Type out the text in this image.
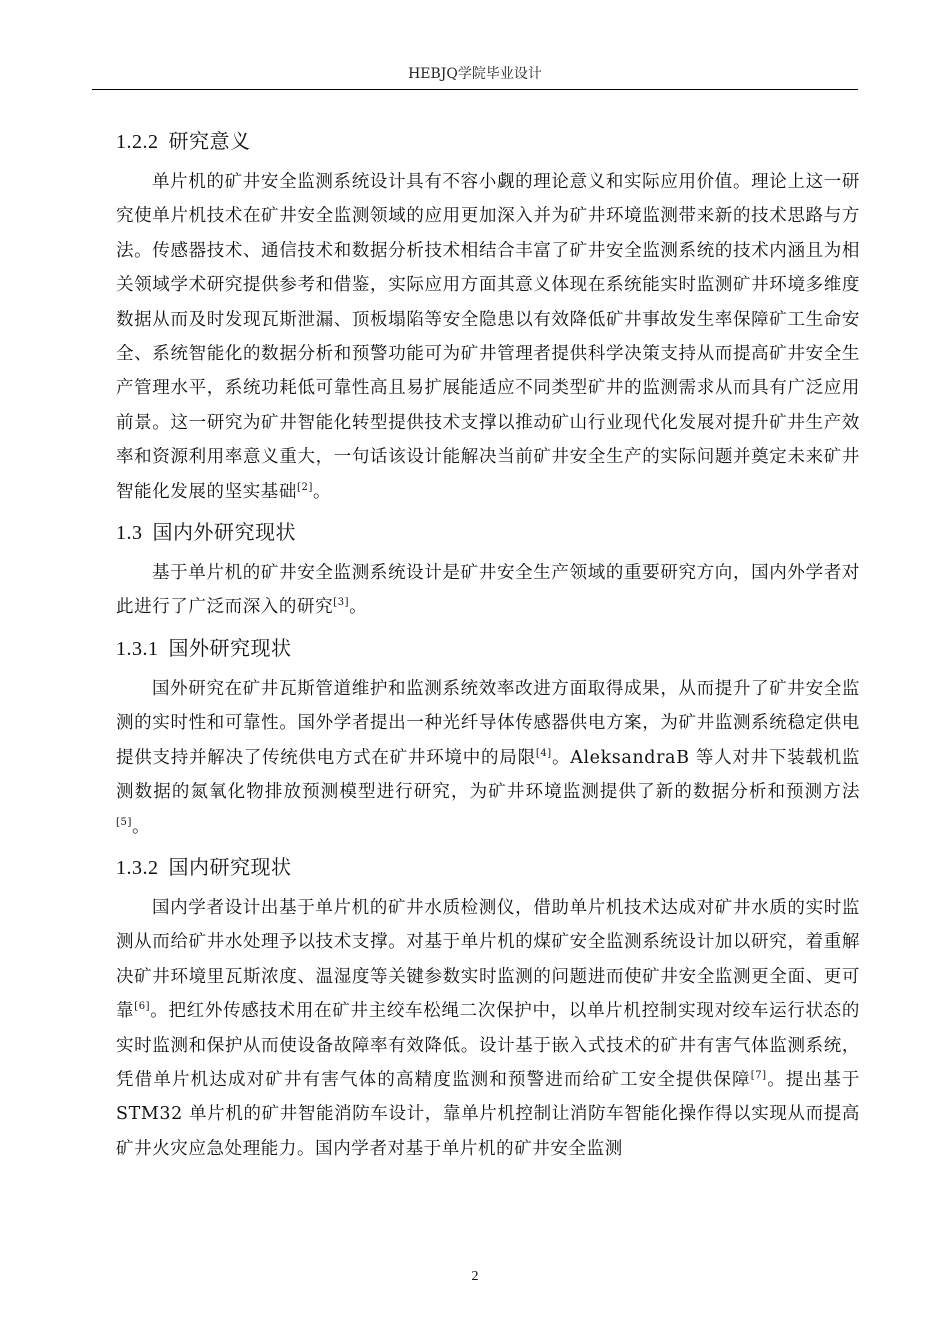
HEBJQ学院毕业设计
1.2.2 研究意义

单片机的矿井安全监测系统设计具有不容小觑的理论意义和实际应用价值。理论上这一研究使单片机技术在矿井安全监测领域的应用更加深入并为矿井环境监测带来新的技术思路与方法。传感器技术、通信技术和数据分析技术相结合丰富了矿井安全监测系统的技术内涵且为相关领域学术研究提供参考和借鉴，实际应用方面其意义体现在系统能实时监测矿井环境多维度数据从而及时发现瓦斯泄漏、顶板塌陷等安全隐患以有效降低矿井事故发生率保障矿工生命安全、系统智能化的数据分析和预警功能可为矿井管理者提供科学决策支持从而提高矿井安全生产管理水平，系统功耗低可靠性高且易扩展能适应不同类型矿井的监测需求从而具有广泛应用前景。这一研究为矿井智能化转型提供技术支撑以推动矿山行业现代化发展对提升矿井生产效率和资源利用率意义重大，一句话该设计能解决当前矿井安全生产的实际问题并奠定未来矿井智能化发展的坚实基础[2]。

1.3 国内外研究现状

基于单片机的矿井安全监测系统设计是矿井安全生产领域的重要研究方向，国内外学者对此进行了广泛而深入的研究[3]。

1.3.1 国外研究现状

国外研究在矿井瓦斯管道维护和监测系统效率改进方面取得成果，从而提升了矿井安全监测的实时性和可靠性。国外学者提出一种光纤导体传感器供电方案，为矿井监测系统稳定供电提供支持并解决了传统供电方式在矿井环境中的局限[4]。AleksandraB 等人对井下装载机监测数据的氮氧化物排放预测模型进行研究，为矿井环境监测提供了新的数据分析和预测方法[5]。

1.3.2 国内研究现状

国内学者设计出基于单片机的矿井水质检测仪，借助单片机技术达成对矿井水质的实时监测从而给矿井水处理予以技术支撑。对基于单片机的煤矿安全监测系统设计加以研究，着重解决矿井环境里瓦斯浓度、温湿度等关键参数实时监测的问题进而使矿井安全监测更全面、更可靠[6]。把红外传感技术用在矿井主绞车松绳二次保护中，以单片机控制实现对绞车运行状态的实时监测和保护从而使设备故障率有效降低。设计基于嵌入式技术的矿井有害气体监测系统，凭借单片机达成对矿井有害气体的高精度监测和预警进而给矿工安全提供保障[7]。提出基于 STM32 单片机的矿井智能消防车设计，靠单片机控制让消防车智能化操作得以实现从而提高矿井火灾应急处理能力。国内学者对基于单片机的矿井安全监测

2
